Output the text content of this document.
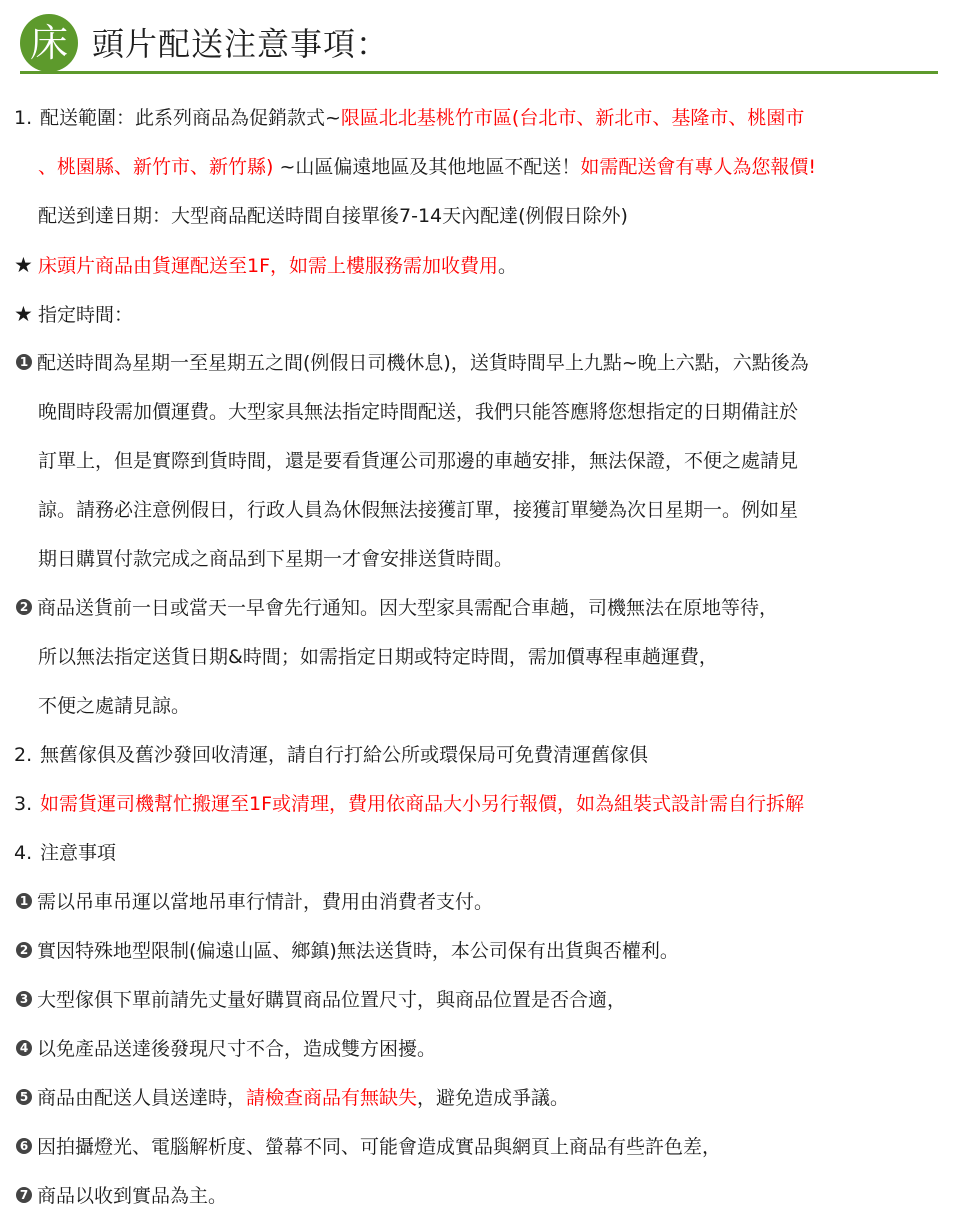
床 頭片配送注意事項：
1. 配送範圍：此系列商品為促銷款式~限區北北基桃竹市區(台北市、新北市、基隆市、桃園市
、桃園縣、新竹市、新竹縣) ~山區偏遠地區及其他地區不配送！如需配送會有專人為您報價!
配送到達日期：大型商品配送時間自接單後7-14天內配達(例假日除外)
★ 床頭片商品由貨運配送至1F，如需上樓服務需加收費用。
★ 指定時間：
1 配送時間為星期一至星期五之間(例假日司機休息)，送貨時間早上九點~晚上六點，六點後為
晚間時段需加價運費。大型家具無法指定時間配送，我們只能答應將您想指定的日期備註於
訂單上，但是實際到貨時間，還是要看貨運公司那邊的車趟安排，無法保證，不便之處請見
諒。請務必注意例假日，行政人員為休假無法接獲訂單，接獲訂單變為次日星期一。例如星
期日購買付款完成之商品到下星期一才會安排送貨時間。
2 商品送貨前一日或當天一早會先行通知。因大型家具需配合車趟，司機無法在原地等待，
所以無法指定送貨日期&時間；如需指定日期或特定時間，需加價專程車趟運費，
不便之處請見諒。
2. 無舊傢俱及舊沙發回收清運，請自行打給公所或環保局可免費清運舊傢俱
3. 如需貨運司機幫忙搬運至1F或清理，費用依商品大小另行報價，如為組裝式設計需自行拆解
4. 注意事項
1 需以吊車吊運以當地吊車行情計，費用由消費者支付。
2 實因特殊地型限制(偏遠山區、鄉鎮)無法送貨時，本公司保有出貨與否權利。
3 大型傢俱下單前請先丈量好購買商品位置尺寸，與商品位置是否合適，
4 以免產品送達後發現尺寸不合，造成雙方困擾。
5 商品由配送人員送達時，請檢查商品有無缺失，避免造成爭議。
6 因拍攝燈光、電腦解析度、螢幕不同、可能會造成實品與網頁上商品有些許色差，
7 商品以收到實品為主。
